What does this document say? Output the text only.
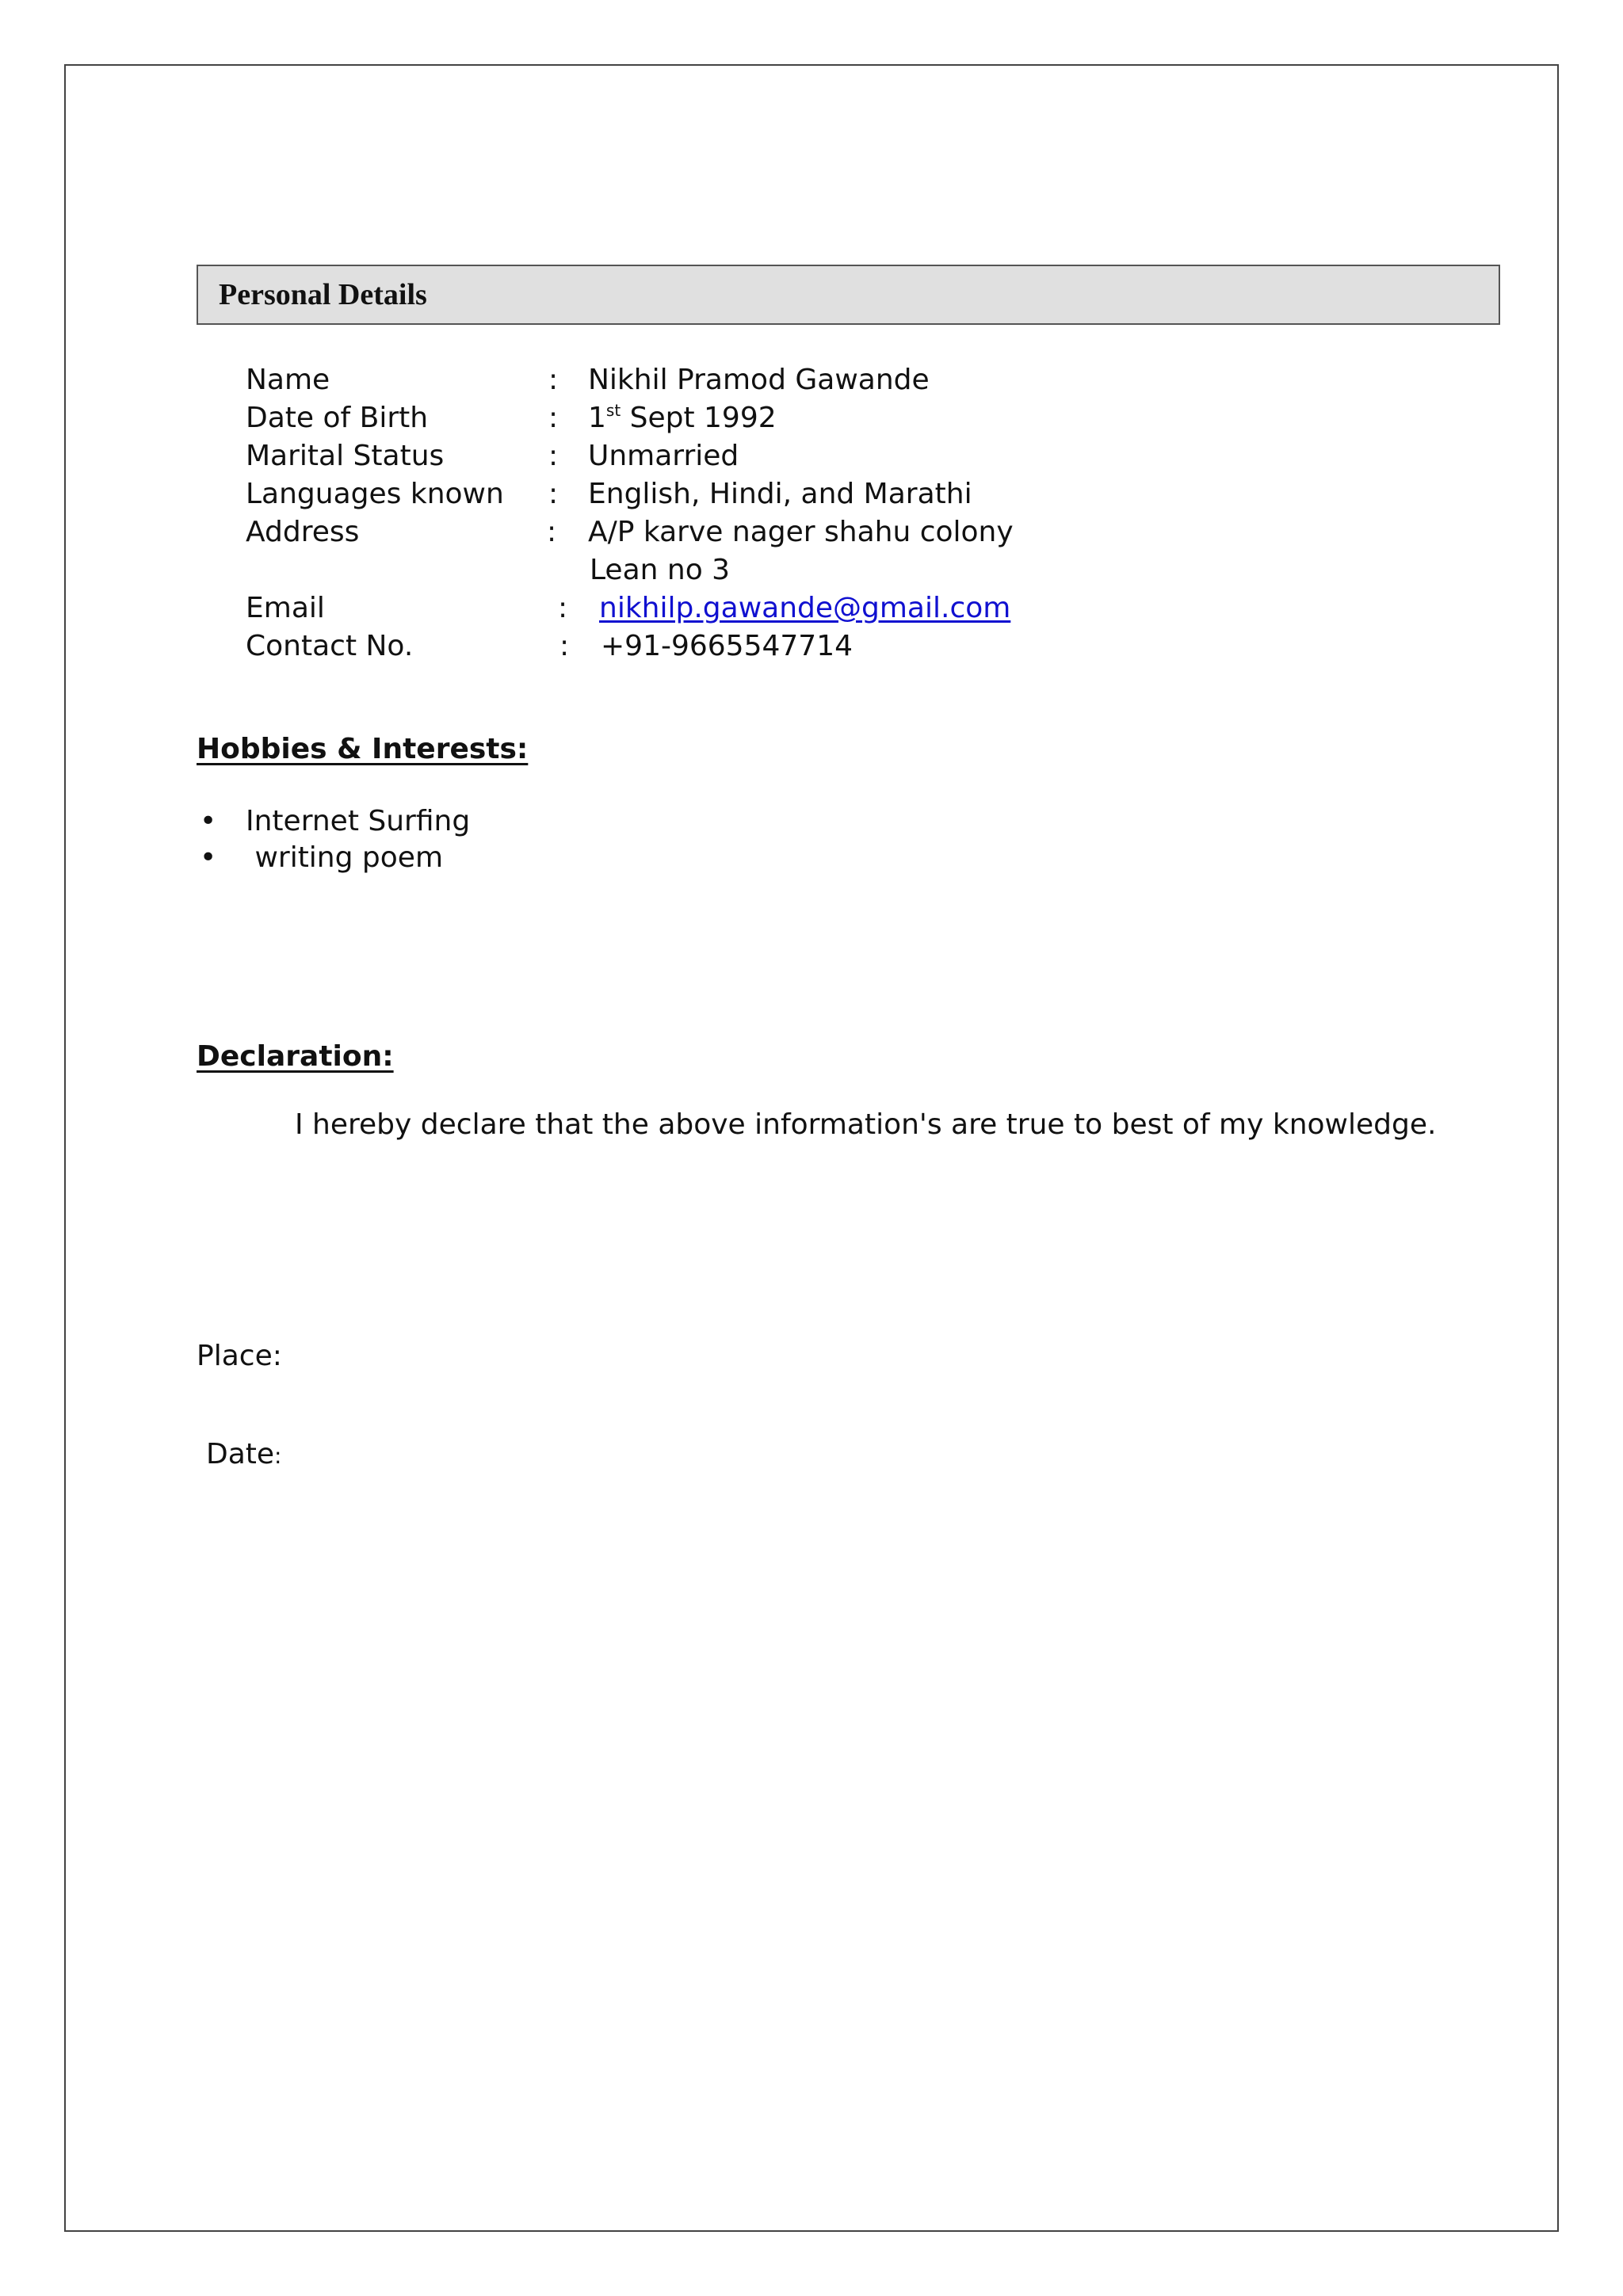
Personal Details
Name	: Nikhil Pramod Gawande
Date of Birth	: 1st Sept 1992
Marital Status	: Unmarried
Languages known : English, Hindi, and Marathi
Address	: A/P karve nager shahu colony
Lean no 3
Email	: nikhilp.gawande@gmail.com
Contact No.	: +91-9665547714
Hobbies & Interests:
• Internet Surfing
• writing poem
Declaration:
I hereby declare that the above information's are true to best of my knowledge.
Place:
Date:
